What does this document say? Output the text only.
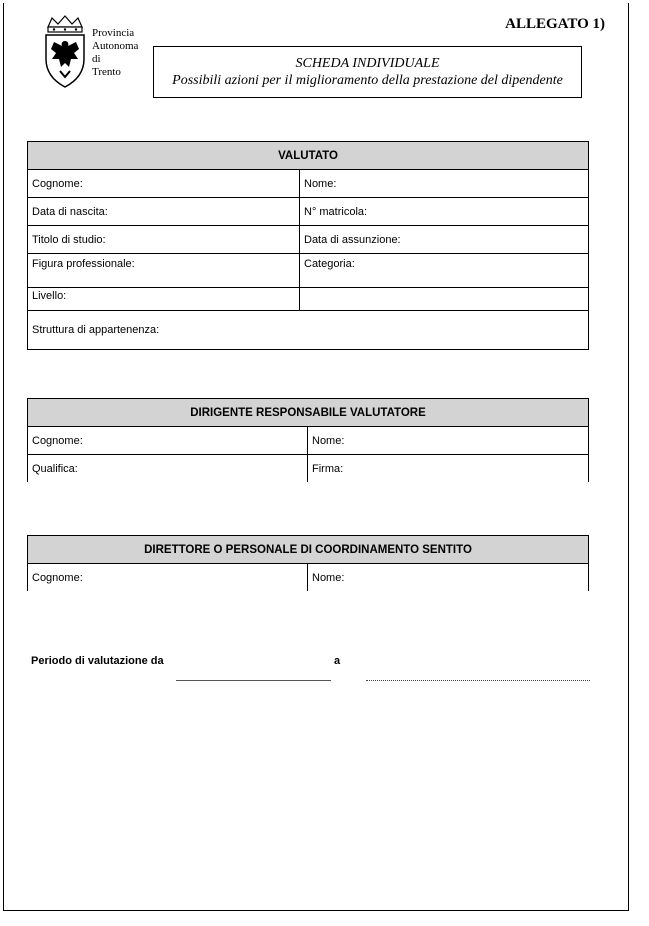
Provincia
Autonoma
di
Trento
ALLEGATO 1)
SCHEDA INDIVIDUALE
Possibili azioni per il miglioramento della prestazione del dipendente
VALUTATO	
Cognome:	Nome:
Data di nascita:	N° matricola:
Titolo di studio:	Data di assunzione:
Figura professionale:	Categoria:
Livello:	
Struttura di appartenenza:	
DIRIGENTE RESPONSABILE VALUTATORE	
Cognome:	Nome:
Qualifica:	Firma:
DIRETTORE O PERSONALE DI COORDINAMENTO SENTITO
Cognome:	Nome:
Periodo di valutazione da	a
